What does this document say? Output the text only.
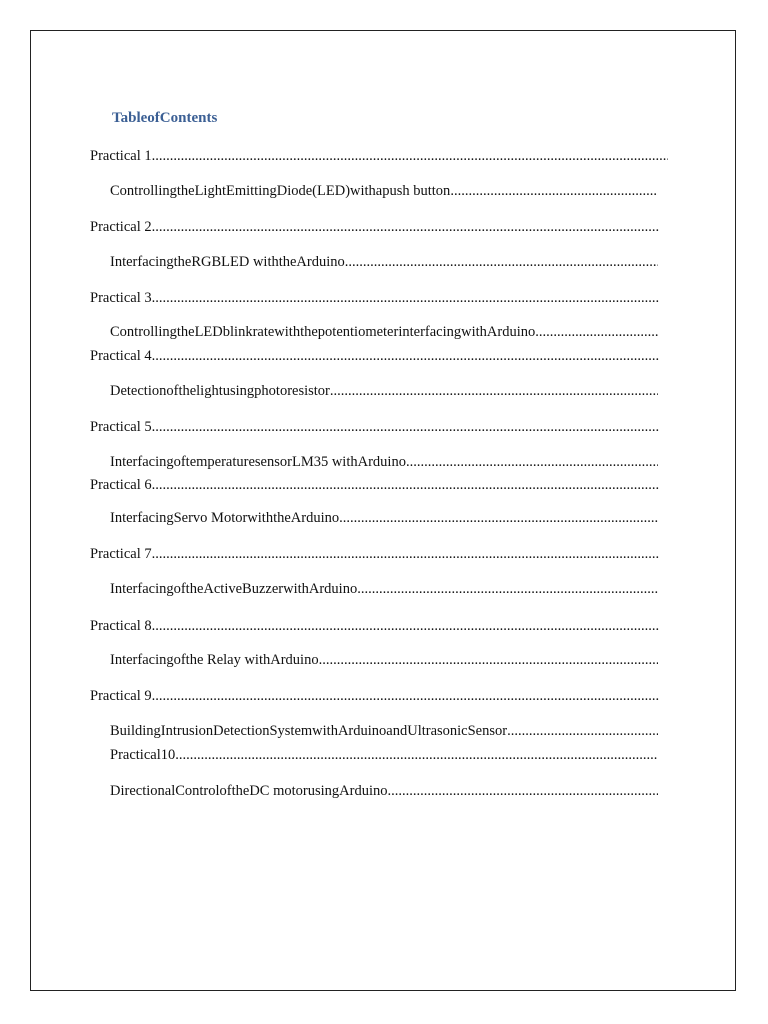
TableofContents
Practical 1
.....
ControllingtheLightEmittingDiode(LED)withapush button
.....
Practical 2
.....
InterfacingtheRGBLED withtheArduino
.....
Practical 3
.....
ControllingtheLEDblinkratewiththepotentiometerinterfacingwithArduino
.....
Practical 4
.....
Detectionofthelightusingphotoresistor
.....
Practical 5
.....
InterfacingoftemperaturesensorLM35 withArduino
.....
Practical 6
.....
InterfacingServo MotorwiththeArduino
.....
Practical 7
.....
InterfacingoftheActiveBuzzerwithArduino
.....
Practical 8
.....
Interfacingofthe Relay withArduino
.....
Practical 9
.....
BuildingIntrusionDetectionSystemwithArduinoandUltrasonicSensor
.....
Practical10
.....
DirectionalControloftheDC motorusingArduino
.....
